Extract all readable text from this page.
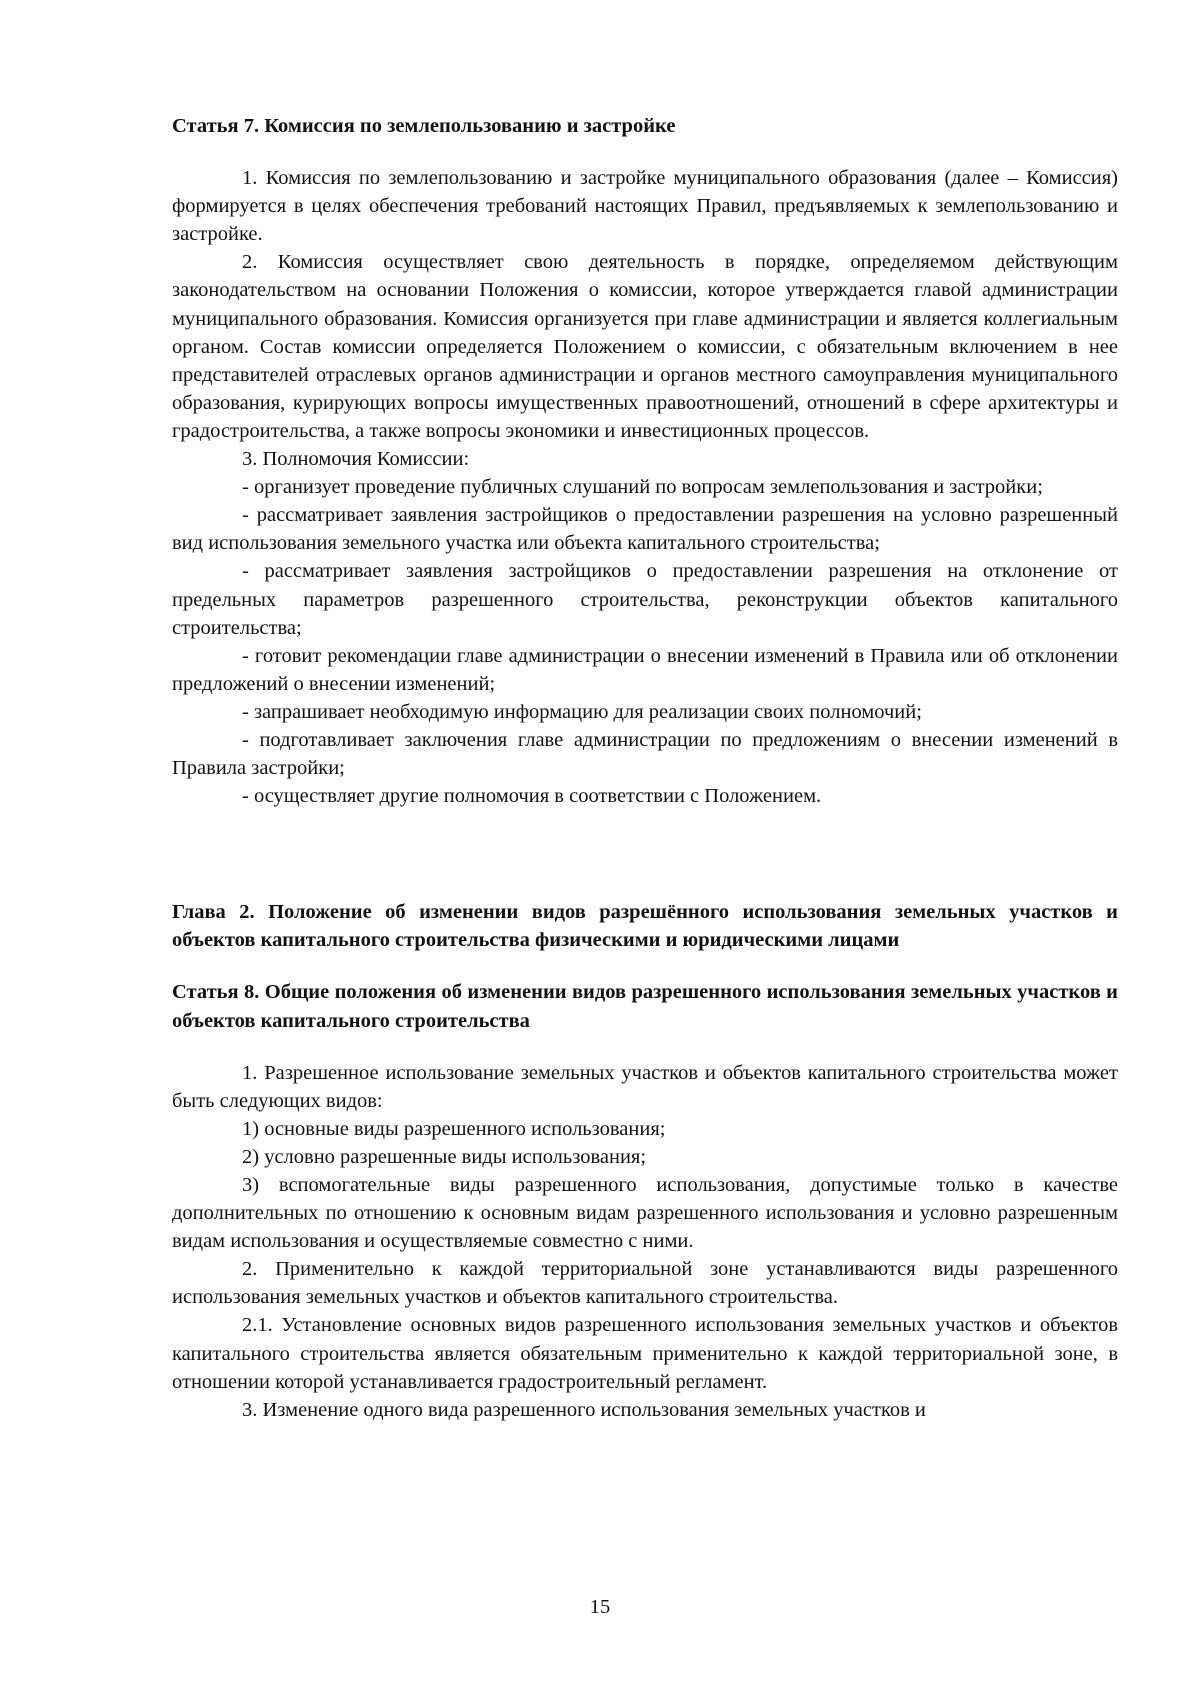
Статья 7. Комиссия по землепользованию и застройке

1. Комиссия по землепользованию и застройке муниципального образования (далее – Комиссия) формируется в целях обеспечения требований настоящих Правил, предъявляемых к землепользованию и застройке.

2. Комиссия осуществляет свою деятельность в порядке, определяемом действующим законодательством на основании Положения о комиссии, которое утверждается главой администрации муниципального образования. Комиссия организуется при главе администрации и является коллегиальным органом. Состав комиссии определяется Положением о комиссии, с обязательным включением в нее представителей отраслевых органов администрации и органов местного самоуправления муниципального образования, курирующих вопросы имущественных правоотношений, отношений в сфере архитектуры и градостроительства, а также вопросы экономики и инвестиционных процессов.

3. Полномочия Комиссии:

- организует проведение публичных слушаний по вопросам землепользования и застройки;

- рассматривает заявления застройщиков о предоставлении разрешения на условно разрешенный вид использования земельного участка или объекта капитального строительства;

- рассматривает заявления застройщиков о предоставлении разрешения на отклонение от предельных параметров разрешенного строительства, реконструкции объектов капитального строительства;

- готовит рекомендации главе администрации о внесении изменений в Правила или об отклонении предложений о внесении изменений;

- запрашивает необходимую информацию для реализации своих полномочий;

- подготавливает заключения главе администрации по предложениям о внесении изменений в Правила застройки;

- осуществляет другие полномочия в соответствии с Положением.

Глава 2. Положение об изменении видов разрешённого использования земельных участков и объектов капитального строительства физическими и юридическими лицами

Статья 8. Общие положения об изменении видов разрешенного использования земельных участков и объектов капитального строительства

1. Разрешенное использование земельных участков и объектов капитального строительства может быть следующих видов:

1) основные виды разрешенного использования;

2) условно разрешенные виды использования;

3) вспомогательные виды разрешенного использования, допустимые только в качестве дополнительных по отношению к основным видам разрешенного использования и условно разрешенным видам использования и осуществляемые совместно с ними.

2. Применительно к каждой территориальной зоне устанавливаются виды разрешенного использования земельных участков и объектов капитального строительства.

2.1. Установление основных видов разрешенного использования земельных участков и объектов капитального строительства является обязательным применительно к каждой территориальной зоне, в отношении которой устанавливается градостроительный регламент.

3. Изменение одного вида разрешенного использования земельных участков и

15
